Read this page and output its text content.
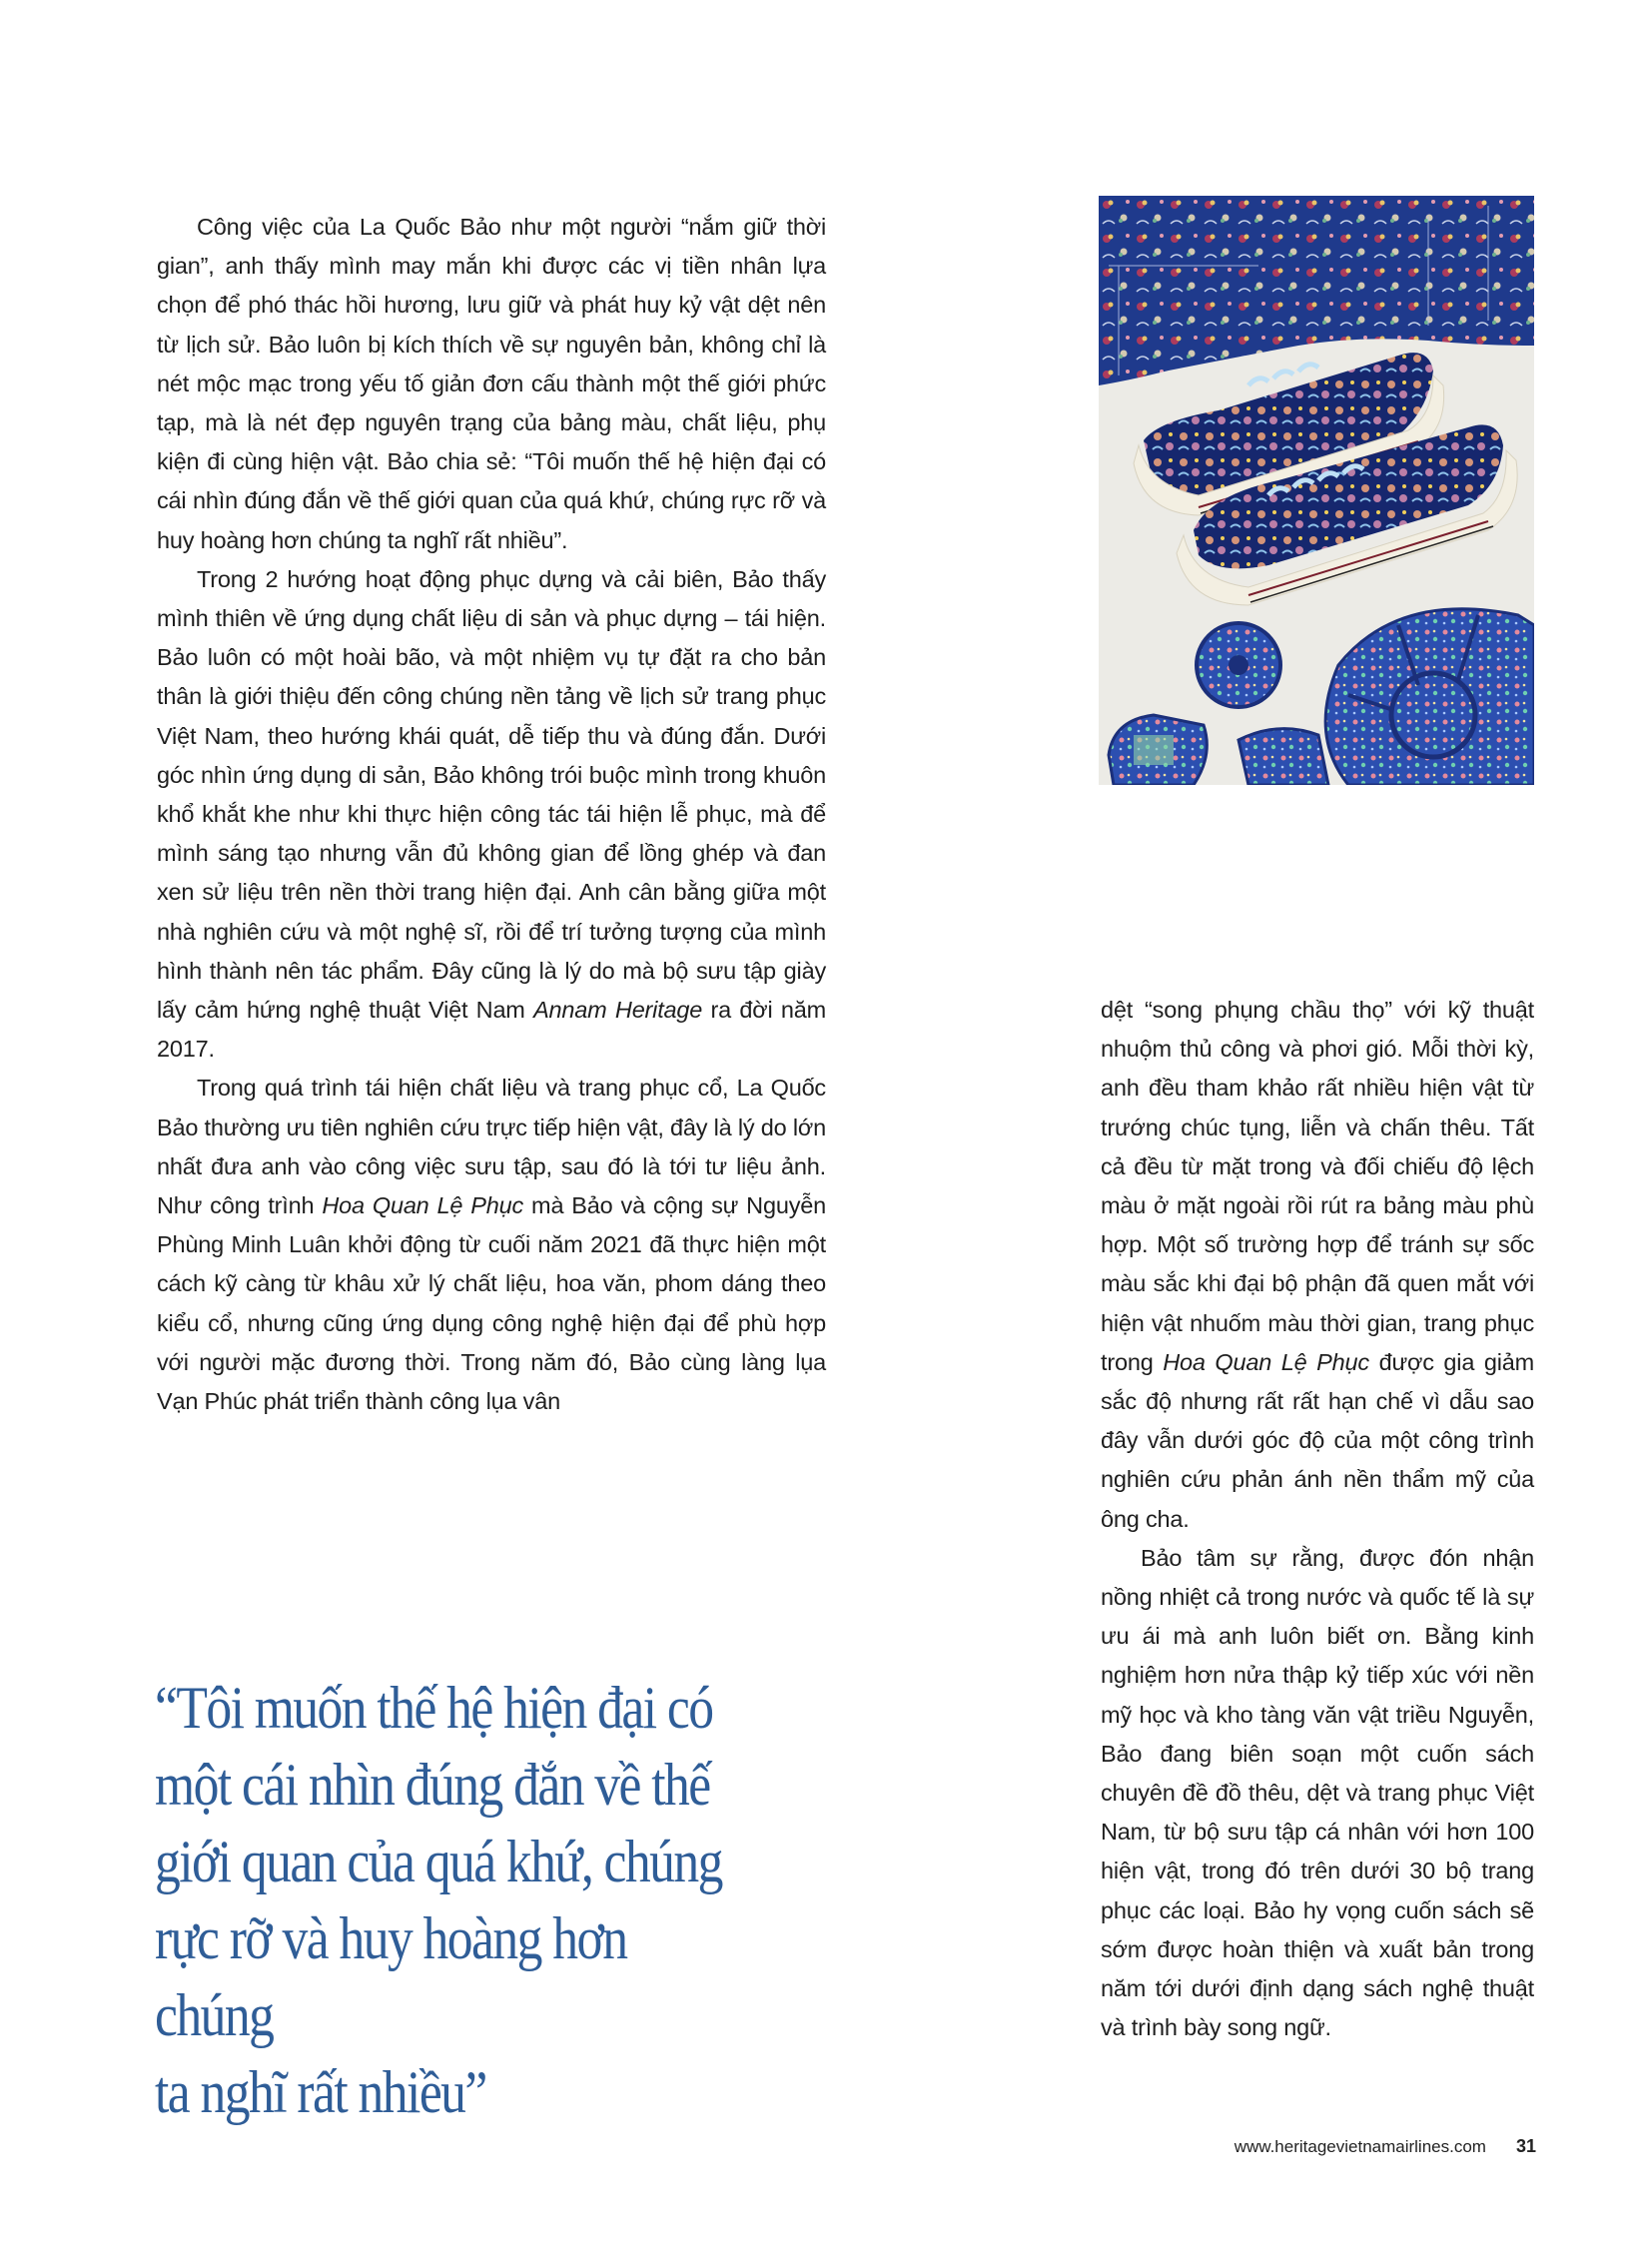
Công việc của La Quốc Bảo như một người “nắm giữ thời gian”, anh thấy mình may mắn khi được các vị tiền nhân lựa chọn để phó thác hồi hương, lưu giữ và phát huy kỷ vật dệt nên từ lịch sử. Bảo luôn bị kích thích về sự nguyên bản, không chỉ là nét mộc mạc trong yếu tố giản đơn cấu thành một thế giới phức tạp, mà là nét đẹp nguyên trạng của bảng màu, chất liệu, phụ kiện đi cùng hiện vật. Bảo chia sẻ: “Tôi muốn thế hệ hiện đại có cái nhìn đúng đắn về thế giới quan của quá khứ, chúng rực rỡ và huy hoàng hơn chúng ta nghĩ rất nhiều”.

Trong 2 hướng hoạt động phục dựng và cải biên, Bảo thấy mình thiên về ứng dụng chất liệu di sản và phục dựng – tái hiện. Bảo luôn có một hoài bão, và một nhiệm vụ tự đặt ra cho bản thân là giới thiệu đến công chúng nền tảng về lịch sử trang phục Việt Nam, theo hướng khái quát, dễ tiếp thu và đúng đắn. Dưới góc nhìn ứng dụng di sản, Bảo không trói buộc mình trong khuôn khổ khắt khe như khi thực hiện công tác tái hiện lễ phục, mà để mình sáng tạo nhưng vẫn đủ không gian để lồng ghép và đan xen sử liệu trên nền thời trang hiện đại. Anh cân bằng giữa một nhà nghiên cứu và một nghệ sĩ, rồi để trí tưởng tượng của mình hình thành nên tác phẩm. Đây cũng là lý do mà bộ sưu tập giày lấy cảm hứng nghệ thuật Việt Nam Annam Heritage ra đời năm 2017.

Trong quá trình tái hiện chất liệu và trang phục cổ, La Quốc Bảo thường ưu tiên nghiên cứu trực tiếp hiện vật, đây là lý do lớn nhất đưa anh vào công việc sưu tập, sau đó là tới tư liệu ảnh. Như công trình Hoa Quan Lệ Phục mà Bảo và cộng sự Nguyễn Phùng Minh Luân khởi động từ cuối năm 2021 đã thực hiện một cách kỹ càng từ khâu xử lý chất liệu, hoa văn, phom dáng theo kiểu cổ, nhưng cũng ứng dụng công nghệ hiện đại để phù hợp với người mặc đương thời. Trong năm đó, Bảo cùng làng lụa Vạn Phúc phát triển thành công lụa vân

dệt “song phụng chầu thọ” với kỹ thuật nhuộm thủ công và phơi gió. Mỗi thời kỳ, anh đều tham khảo rất nhiều hiện vật từ trướng chúc tụng, liễn và chấn thêu. Tất cả đều từ mặt trong và đối chiếu độ lệch màu ở mặt ngoài rồi rút ra bảng màu phù hợp. Một số trường hợp để tránh sự sốc màu sắc khi đại bộ phận đã quen mắt với hiện vật nhuốm màu thời gian, trang phục trong Hoa Quan Lệ Phục được gia giảm sắc độ nhưng rất rất hạn chế vì dẫu sao đây vẫn dưới góc độ của một công trình nghiên cứu phản ánh nền thẩm mỹ của ông cha.

Bảo tâm sự rằng, được đón nhận nồng nhiệt cả trong nước và quốc tế là sự ưu ái mà anh luôn biết ơn. Bằng kinh nghiệm hơn nửa thập kỷ tiếp xúc với nền mỹ học và kho tàng văn vật triều Nguyễn, Bảo đang biên soạn một cuốn sách chuyên đề đồ thêu, dệt và trang phục Việt Nam, từ bộ sưu tập cá nhân với hơn 100 hiện vật, trong đó trên dưới 30 bộ trang phục các loại. Bảo hy vọng cuốn sách sẽ sớm được hoàn thiện và xuất bản trong năm tới dưới định dạng sách nghệ thuật và trình bày song ngữ.

“Tôi muốn thế hệ hiện đại có
một cái nhìn đúng đắn về thế
giới quan của quá khứ, chúng
rực rỡ và huy hoàng hơn chúng
ta nghĩ rất nhiều”
www.heritagevietnamairlines.com 31
